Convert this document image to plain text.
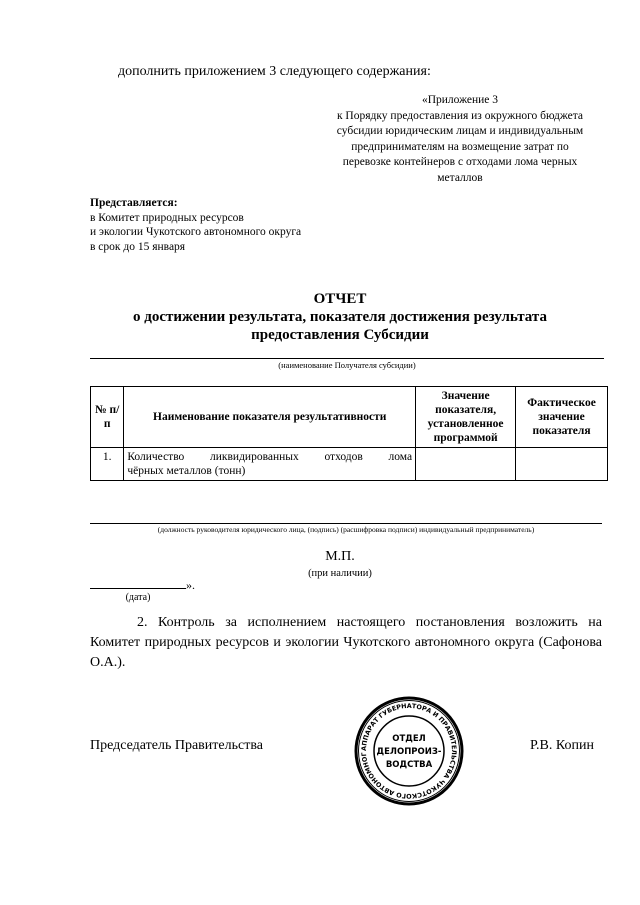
дополнить приложением 3 следующего содержания:
«Приложение 3
к Порядку предоставления из окружного бюджета
субсидии юридическим лицам и индивидуальным
предпринимателям на возмещение затрат по
перевозке контейнеров с отходами лома черных
металлов
Представляется:
в Комитет природных ресурсов
и экологии Чукотского автономного округа
в срок до 15 января
ОТЧЕТ
о достижении результата, показателя достижения результата
предоставления Субсидии
(наименование Получателя субсидии)
№ п/п	Наименование показателя результативности	Значение показателя, установленное программой	Фактическое значение показателя
1.	Количество ликвидированных отходов лома
чёрных металлов (тонн)		

(должность руководителя юридического лица, (подпись) (расшифровка подписи) индивидуальный предприниматель)
М.П.
(при наличии)
».
(дата)
2. Контроль за исполнением настоящего постановления возложить на Комитет природных ресурсов и экологии Чукотского автономного округа (Сафонова О.А.).
Председатель Правительства	Р.В. Копин
АППАРАТ ГУБЕРНАТОРА И ПРАВИТЕЛЬСТВА ЧУКОТСКОГО АВТОНОМНОГ
ОТДЕЛ
ДЕЛОПРОИЗ-
ВОДСТВА
